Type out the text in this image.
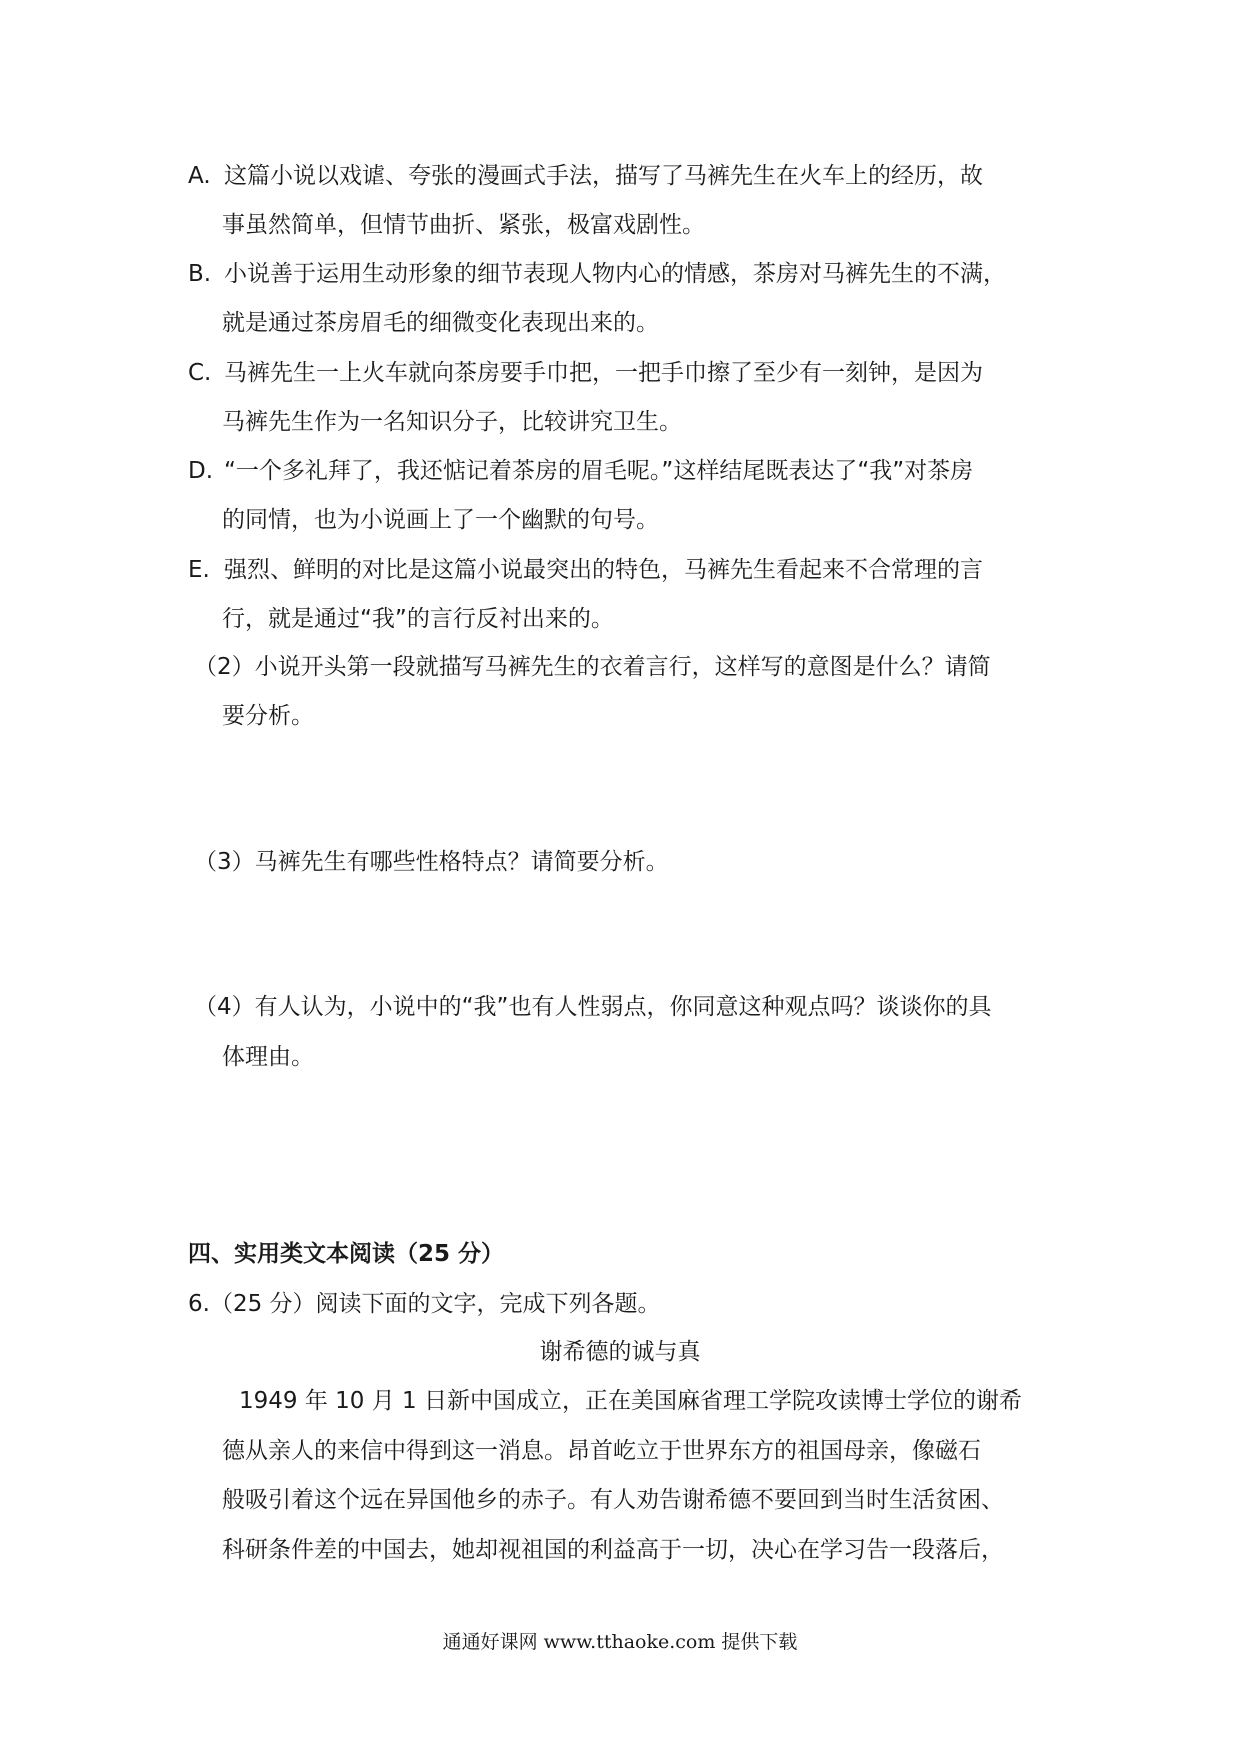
A. 这篇小说以戏谑、夸张的漫画式手法，描写了马裤先生在火车上的经历，故

事虽然简单，但情节曲折、紧张，极富戏剧性。

B. 小说善于运用生动形象的细节表现人物内心的情感，茶房对马裤先生的不满，

就是通过茶房眉毛的细微变化表现出来的。

C. 马裤先生一上火车就向茶房要手巾把，一把手巾擦了至少有一刻钟，是因为

马裤先生作为一名知识分子，比较讲究卫生。

D. “一个多礼拜了，我还惦记着茶房的眉毛呢。”这样结尾既表达了“我”对茶房

的同情，也为小说画上了一个幽默的句号。

E. 强烈、鲜明的对比是这篇小说最突出的特色，马裤先生看起来不合常理的言

行，就是通过“我”的言行反衬出来的。

（2）小说开头第一段就描写马裤先生的衣着言行，这样写的意图是什么？请简

要分析。

（3）马裤先生有哪些性格特点？请简要分析。

（4）有人认为，小说中的“我”也有人性弱点，你同意这种观点吗？谈谈你的具

体理由。

四、实用类文本阅读（25 分）

6.（25 分）阅读下面的文字，完成下列各题。

谢希德的诚与真

1949 年 10 月 1 日新中国成立，正在美国麻省理工学院攻读博士学位的谢希

德从亲人的来信中得到这一消息。昂首屹立于世界东方的祖国母亲，像磁石

般吸引着这个远在异国他乡的赤子。有人劝告谢希德不要回到当时生活贫困、

科研条件差的中国去，她却视祖国的利益高于一切，决心在学习告一段落后，

通通好课网 www.tthaoke.com 提供下载
